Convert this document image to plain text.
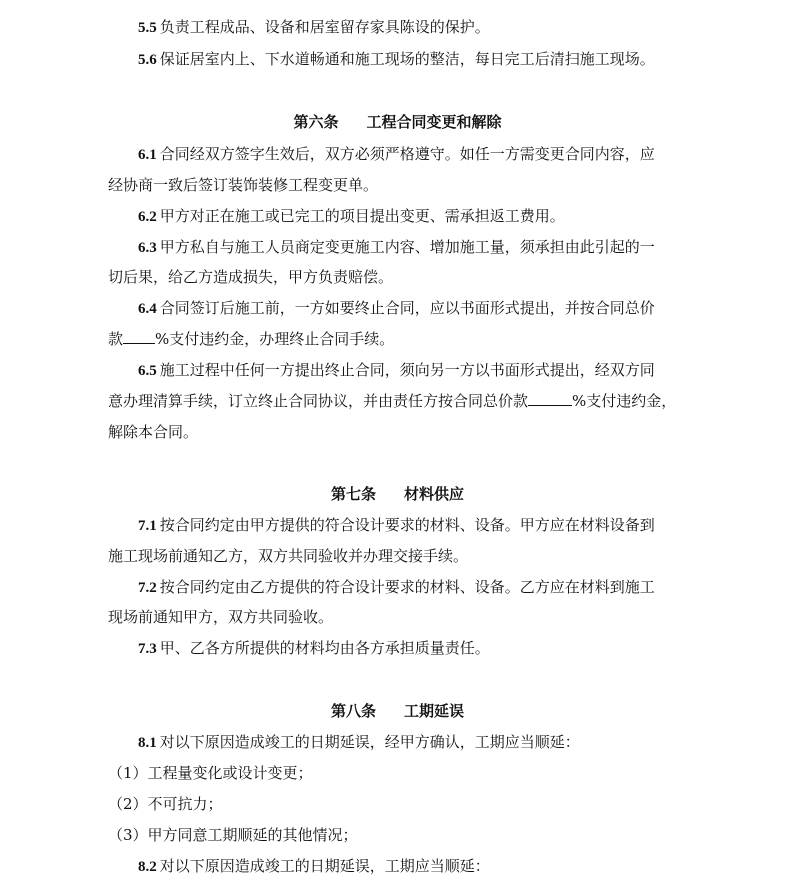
5.5 负责工程成品、设备和居室留存家具陈设的保护。
5.6 保证居室内上、下水道畅通和施工现场的整洁，每日完工后清扫施工现场。
第六条 工程合同变更和解除
6.1 合同经双方签字生效后，双方必须严格遵守。如任一方需变更合同内容，应
经协商一致后签订装饰装修工程变更单。
6.2 甲方对正在施工或已完工的项目提出变更、需承担返工费用。
6.3 甲方私自与施工人员商定变更施工内容、增加施工量，须承担由此引起的一
切后果，给乙方造成损失，甲方负责赔偿。
6.4 合同签订后施工前，一方如要终止合同，应以书面形式提出，并按合同总价
款 %支付违约金，办理终止合同手续。
6.5 施工过程中任何一方提出终止合同，须向另一方以书面形式提出，经双方同
意办理清算手续，订立终止合同协议，并由责任方按合同总价款	%支付违约金，
解除本合同。
第七条 材料供应
7.1 按合同约定由甲方提供的符合设计要求的材料、设备。甲方应在材料设备到
施工现场前通知乙方，双方共同验收并办理交接手续。
7.2 按合同约定由乙方提供的符合设计要求的材料、设备。乙方应在材料到施工
现场前通知甲方，双方共同验收。
7.3 甲、乙各方所提供的材料均由各方承担质量责任。
第八条 工期延误
8.1 对以下原因造成竣工的日期延误，经甲方确认，工期应当顺延：
（1）工程量变化或设计变更；
（2）不可抗力；
（3）甲方同意工期顺延的其他情况；
8.2 对以下原因造成竣工的日期延误，工期应当顺延：
